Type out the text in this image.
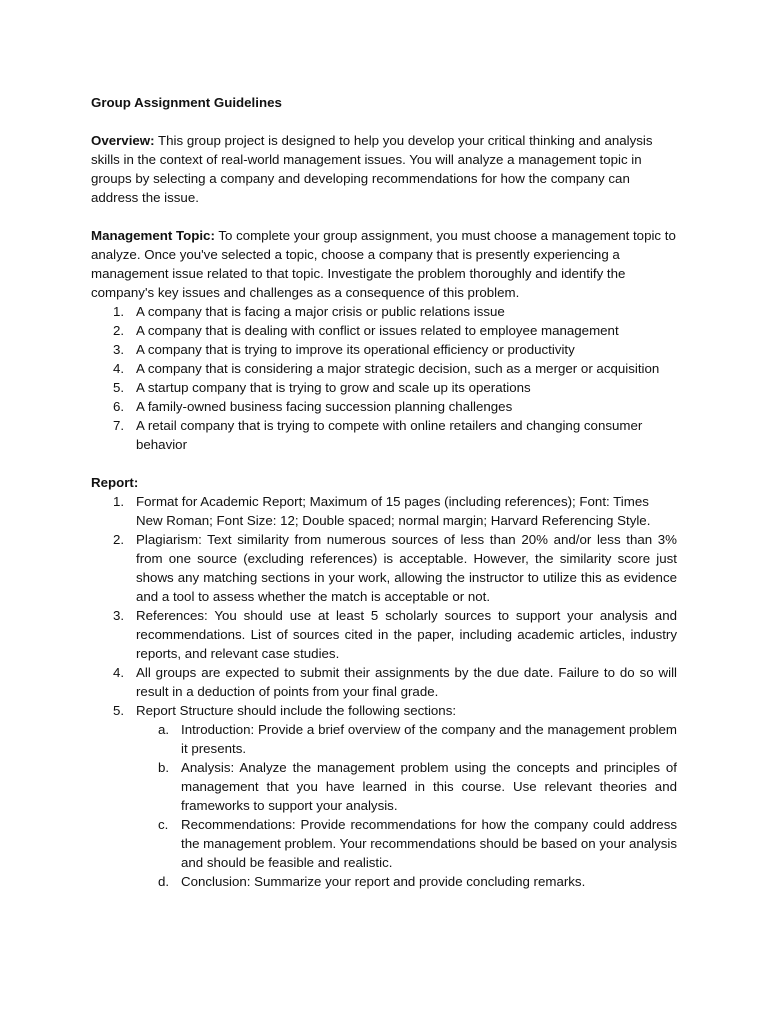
Group Assignment Guidelines

Overview: This group project is designed to help you develop your critical thinking and analysis skills in the context of real-world management issues. You will analyze a management topic in groups by selecting a company and developing recommendations for how the company can address the issue.

Management Topic: To complete your group assignment, you must choose a management topic to analyze. Once you've selected a topic, choose a company that is presently experiencing a management issue related to that topic. Investigate the problem thoroughly and identify the company's key issues and challenges as a consequence of this problem.

1. A company that is facing a major crisis or public relations issue
2. A company that is dealing with conflict or issues related to employee management
3. A company that is trying to improve its operational efficiency or productivity
4. A company that is considering a major strategic decision, such as a merger or acquisition
5. A startup company that is trying to grow and scale up its operations
6. A family-owned business facing succession planning challenges
7. A retail company that is trying to compete with online retailers and changing consumer behavior
Report:
1. Format for Academic Report; Maximum of 15 pages (including references); Font: Times New Roman; Font Size: 12; Double spaced; normal margin; Harvard Referencing Style.
2. Plagiarism: Text similarity from numerous sources of less than 20% and/or less than 3% from one source (excluding references) is acceptable. However, the similarity score just shows any matching sections in your work, allowing the instructor to utilize this as evidence and a tool to assess whether the match is acceptable or not.
3. References: You should use at least 5 scholarly sources to support your analysis and recommendations. List of sources cited in the paper, including academic articles, industry reports, and relevant case studies.
4. All groups are expected to submit their assignments by the due date. Failure to do so will result in a deduction of points from your final grade.
5. Report Structure should include the following sections:
a. Introduction: Provide a brief overview of the company and the management problem it presents.
b. Analysis: Analyze the management problem using the concepts and principles of management that you have learned in this course. Use relevant theories and frameworks to support your analysis.
c. Recommendations: Provide recommendations for how the company could address the management problem. Your recommendations should be based on your analysis and should be feasible and realistic.
d. Conclusion: Summarize your report and provide concluding remarks.
